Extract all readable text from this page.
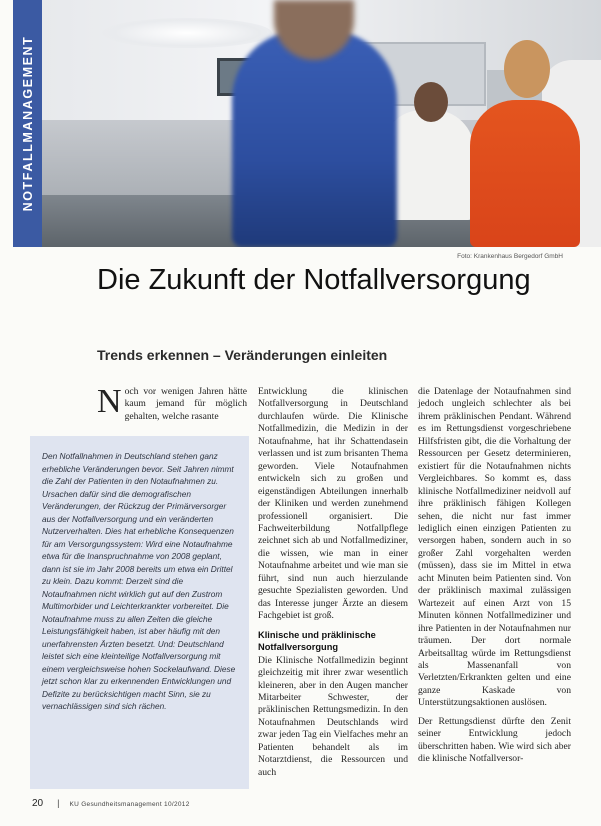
NOTFALLMANAGEMENT
Foto: Krankenhaus Bergedorf GmbH
Die Zukunft der Notfallversorgung
Trends erkennen – Veränderungen einleiten

Noch vor wenigen Jahren hätte kaum jemand für möglich gehalten, welche rasante

Entwicklung die klinischen Notfallversorgung in Deutschland durchlaufen würde. Die Klinische Notfallmedizin, die Medizin in der Notaufnahme, hat ihr Schattendasein verlassen und ist zum brisanten Thema geworden. Viele Notaufnahmen entwickeln sich zu großen und eigenständigen Abteilungen innerhalb der Kliniken und werden zunehmend professionell organisiert. Die Fachweiterbildung Notfallpflege zeichnet sich ab und Notfallmediziner, die wissen, wie man in einer Notaufnahme arbeitet und wie man sie führt, sind nun auch hierzulande gesuchte Spezialisten geworden. Und das Interesse junger Ärzte an diesem Fachgebiet ist groß.

Klinische und präklinische Notfallversorgung

Die Klinische Notfallmedizin beginnt gleichzeitig mit ihrer zwar wesentlich kleineren, aber in den Augen mancher Mitarbeiter Schwester, der präklinischen Rettungsmedizin. In den Notaufnahmen Deutschlands wird zwar jeden Tag ein Vielfaches mehr an Patienten behandelt als im Notarztdienst, die Ressourcen und auch

die Datenlage der Notaufnahmen sind jedoch ungleich schlechter als bei ihrem präklinischen Pendant. Während es im Rettungsdienst vorgeschriebene Hilfsfristen gibt, die die Vorhaltung der Ressourcen per Gesetz determinieren, existiert für die Notaufnahmen nichts Vergleichbares. So kommt es, dass klinische Notfallmediziner neidvoll auf ihre präklinisch fähigen Kollegen sehen, die nicht nur fast immer lediglich einen einzigen Patienten zu versorgen haben, sondern auch in so großer Zahl vorgehalten werden (müssen), dass sie im Mittel in etwa acht Minuten beim Patienten sind. Von der präklinisch maximal zulässigen Wartezeit auf einen Arzt von 15 Minuten können Notfallmediziner und ihre Patienten in der Notaufnahmen nur träumen. Der dort normale Arbeitsalltag würde im Rettungsdienst als Massenanfall von Verletzten/Erkrankten gelten und eine ganze Kaskade von Unterstützungsaktionen auslösen.

Der Rettungsdienst dürfte den Zenit seiner Entwicklung jedoch überschritten haben. Wie wird sich aber die klinische Notfallversor-

Den Notfallnahmen in Deutschland stehen ganz erhebliche Veränderungen bevor. Seit Jahren nimmt die Zahl der Patienten in den Notaufnahmen zu. Ursachen dafür sind die demografischen Veränderungen, der Rückzug der Primärversorger aus der Notfallversorgung und ein veränderten Nutzerverhalten. Dies hat erhebliche Konsequenzen für am Versorgungssystem: Wird eine Notaufnahme etwa für die Inanspruchnahme von 2008 geplant, dann ist sie im Jahr 2008 bereits um etwa ein Drittel zu klein. Dazu kommt: Derzeit sind die Notaufnahmen nicht wirklich gut auf den Zustrom Multimorbider und Leichterkrankter vorbereitet. Die Notaufnahme muss zu allen Zeiten die gleiche Leistungsfähigkeit haben, ist aber häufig mit den unerfahrensten Ärzten besetzt. Und: Deutschland leistet sich eine kleinteilige Notfallversorgung mit einem vergleichsweise hohen Sockelaufwand. Diese jetzt schon klar zu erkennenden Entwicklungen und Defizite zu berücksichtigen macht Sinn, sie zu vernachlässigen sind sich rächen.

20 | KU Gesundheitsmanagement 10/2012
